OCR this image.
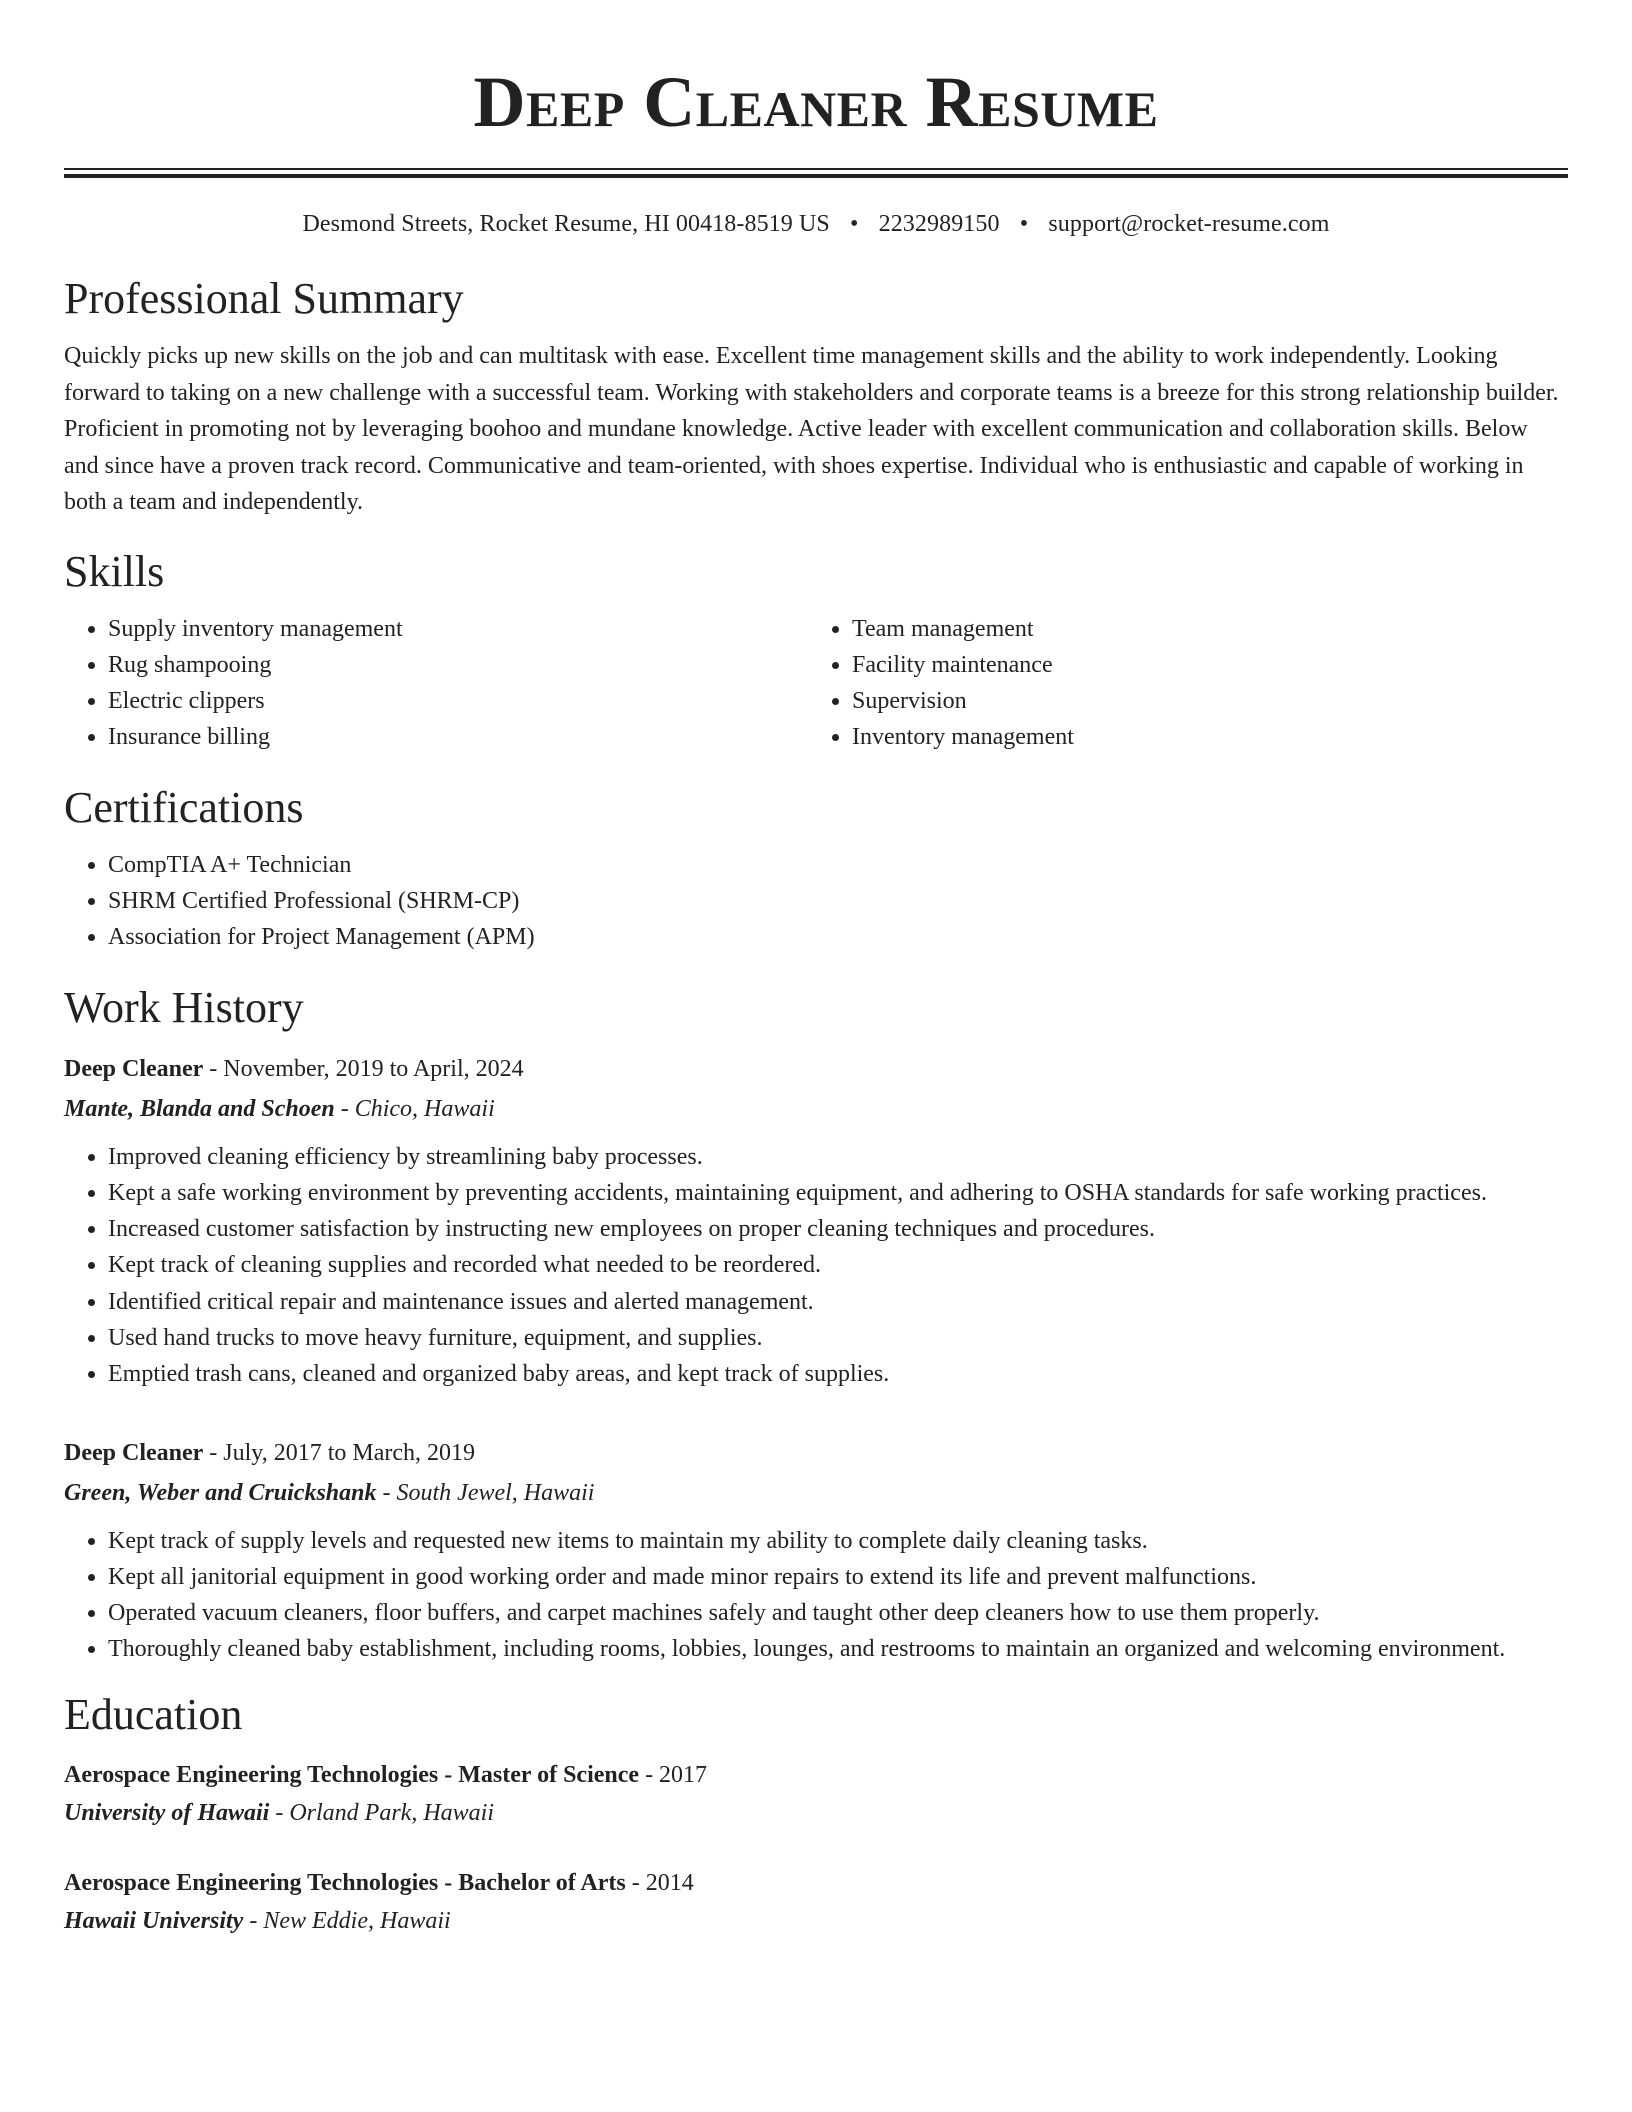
Deep Cleaner Resume
Desmond Streets, Rocket Resume, HI 00418-8519 US • 2232989150 • support@rocket-resume.com
Professional Summary

Quickly picks up new skills on the job and can multitask with ease. Excellent time management skills and the ability to work independently. Looking forward to taking on a new challenge with a successful team. Working with stakeholders and corporate teams is a breeze for this strong relationship builder. Proficient in promoting not by leveraging boohoo and mundane knowledge. Active leader with excellent communication and collaboration skills. Below and since have a proven track record. Communicative and team-oriented, with shoes expertise. Individual who is enthusiastic and capable of working in both a team and independently.

Skills
• Supply inventory management
• Rug shampooing
• Electric clippers
• Insurance billing
• Team management
• Facility maintenance
• Supervision
• Inventory management
Certifications
• CompTIA A+ Technician
• SHRM Certified Professional (SHRM-CP)
• Association for Project Management (APM)
Work History
Deep Cleaner - November, 2019 to April, 2024
Mante, Blanda and Schoen - Chico, Hawaii
• Improved cleaning efficiency by streamlining baby processes.
• Kept a safe working environment by preventing accidents, maintaining equipment, and adhering to OSHA standards for safe working practices.
• Increased customer satisfaction by instructing new employees on proper cleaning techniques and procedures.
• Kept track of cleaning supplies and recorded what needed to be reordered.
• Identified critical repair and maintenance issues and alerted management.
• Used hand trucks to move heavy furniture, equipment, and supplies.
• Emptied trash cans, cleaned and organized baby areas, and kept track of supplies.
Deep Cleaner - July, 2017 to March, 2019
Green, Weber and Cruickshank - South Jewel, Hawaii
• Kept track of supply levels and requested new items to maintain my ability to complete daily cleaning tasks.
• Kept all janitorial equipment in good working order and made minor repairs to extend its life and prevent malfunctions.
• Operated vacuum cleaners, floor buffers, and carpet machines safely and taught other deep cleaners how to use them properly.
• Thoroughly cleaned baby establishment, including rooms, lobbies, lounges, and restrooms to maintain an organized and welcoming environment.
Education
Aerospace Engineering Technologies - Master of Science - 2017
University of Hawaii - Orland Park, Hawaii
Aerospace Engineering Technologies - Bachelor of Arts - 2014
Hawaii University - New Eddie, Hawaii
